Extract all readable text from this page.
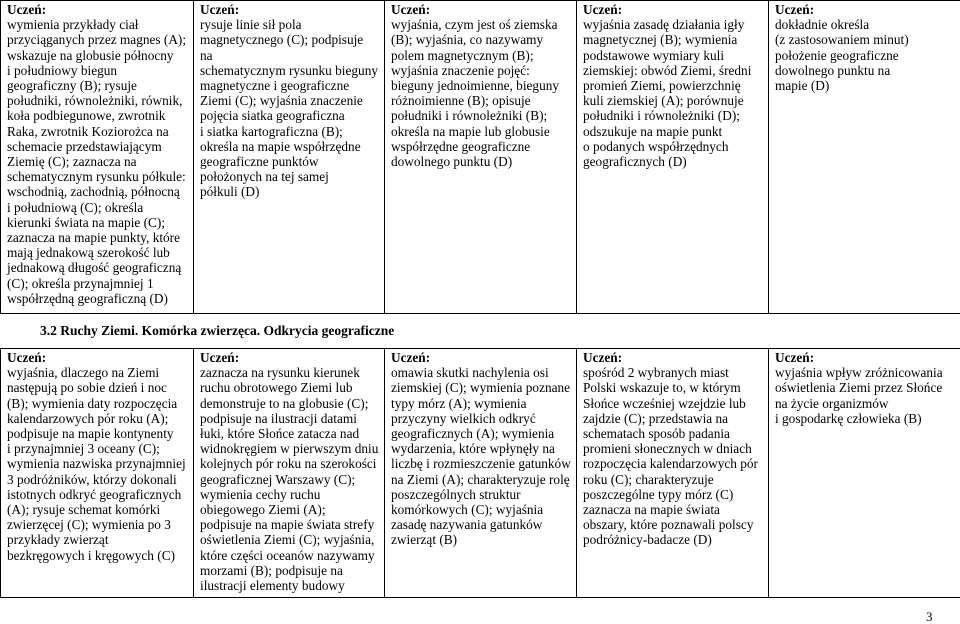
Uczeń:
wymienia przykłady ciał
przyciąganych przez magnes (A);
wskazuje na globusie północny
i południowy biegun
geograficzny (B); rysuje
południki, równoleżniki, równik,
koła podbiegunowe, zwrotnik
Raka, zwrotnik Koziorożca na
schemacie przedstawiającym
Ziemię (C); zaznacza na
schematycznym rysunku półkule:
wschodnią, zachodnią, północną
i południową (C); określa
kierunki świata na mapie (C);
zaznacza na mapie punkty, które
mają jednakową szerokość lub
jednakową długość geograficzną
(C); określa przynajmniej 1
współrzędną geograficzną (D)

Uczeń:
rysuje linie sił pola
magnetycznego (C); podpisuje na
schematycznym rysunku bieguny
magnetyczne i geograficzne
Ziemi (C); wyjaśnia znaczenie
pojęcia siatka geograficzna
i siatka kartograficzna (B);
określa na mapie współrzędne
geograficzne punktów
położonych na tej samej
półkuli (D)

Uczeń:
wyjaśnia, czym jest oś ziemska
(B); wyjaśnia, co nazywamy
polem magnetycznym (B);
wyjaśnia znaczenie pojęć:
bieguny jednoimienne, bieguny
różnoimienne (B); opisuje
południki i równoleżniki (B);
określa na mapie lub globusie
współrzędne geograficzne
dowolnego punktu (D)

Uczeń:
wyjaśnia zasadę działania igły
magnetycznej (B); wymienia
podstawowe wymiary kuli
ziemskiej: obwód Ziemi, średni
promień Ziemi, powierzchnię
kuli ziemskiej (A); porównuje
południki i równoleżniki (D);
odszukuje na mapie punkt
o podanych współrzędnych
geograficznych (D)

Uczeń:
dokładnie określa
(z zastosowaniem minut)
położenie geograficzne
dowolnego punktu na
mapie (D)
3.2 Ruchy Ziemi. Komórka zwierzęca. Odkrycia geograficzne
Uczeń:
wyjaśnia, dlaczego na Ziemi
następują po sobie dzień i noc
(B); wymienia daty rozpoczęcia
kalendarzowych pór roku (A);
podpisuje na mapie kontynenty
i przynajmniej 3 oceany (C);
wymienia nazwiska przynajmniej
3 podróżników, którzy dokonali
istotnych odkryć geograficznych
(A); rysuje schemat komórki
zwierzęcej (C); wymienia po 3
przykłady zwierząt
bezkręgowych i kręgowych (C)

Uczeń:
zaznacza na rysunku kierunek
ruchu obrotowego Ziemi lub
demonstruje to na globusie (C);
podpisuje na ilustracji datami
łuki, które Słońce zatacza nad
widnokręgiem w pierwszym dniu
kolejnych pór roku na szerokości
geograficznej Warszawy (C);
wymienia cechy ruchu
obiegowego Ziemi (A);
podpisuje na mapie świata strefy
oświetlenia Ziemi (C); wyjaśnia,
które części oceanów nazywamy
morzami (B); podpisuje na
ilustracji elementy budowy

Uczeń:
omawia skutki nachylenia osi
ziemskiej (C); wymienia poznane
typy mórz (A); wymienia
przyczyny wielkich odkryć
geograficznych (A); wymienia
wydarzenia, które wpłynęły na
liczbę i rozmieszczenie gatunków
na Ziemi (A); charakteryzuje rolę
poszczególnych struktur
komórkowych (C); wyjaśnia
zasadę nazywania gatunków
zwierząt (B)

Uczeń:
spośród 2 wybranych miast
Polski wskazuje to, w którym
Słońce wcześniej wzejdzie lub
zajdzie (C); przedstawia na
schematach sposób padania
promieni słonecznych w dniach
rozpoczęcia kalendarzowych pór
roku (C); charakteryzuje
poszczególne typy mórz (C)
zaznacza na mapie świata
obszary, które poznawali polscy
podróżnicy-badacze (D)

Uczeń:
wyjaśnia wpływ zróżnicowania
oświetlenia Ziemi przez Słońce
na życie organizmów
i gospodarkę człowieka (B)
3
